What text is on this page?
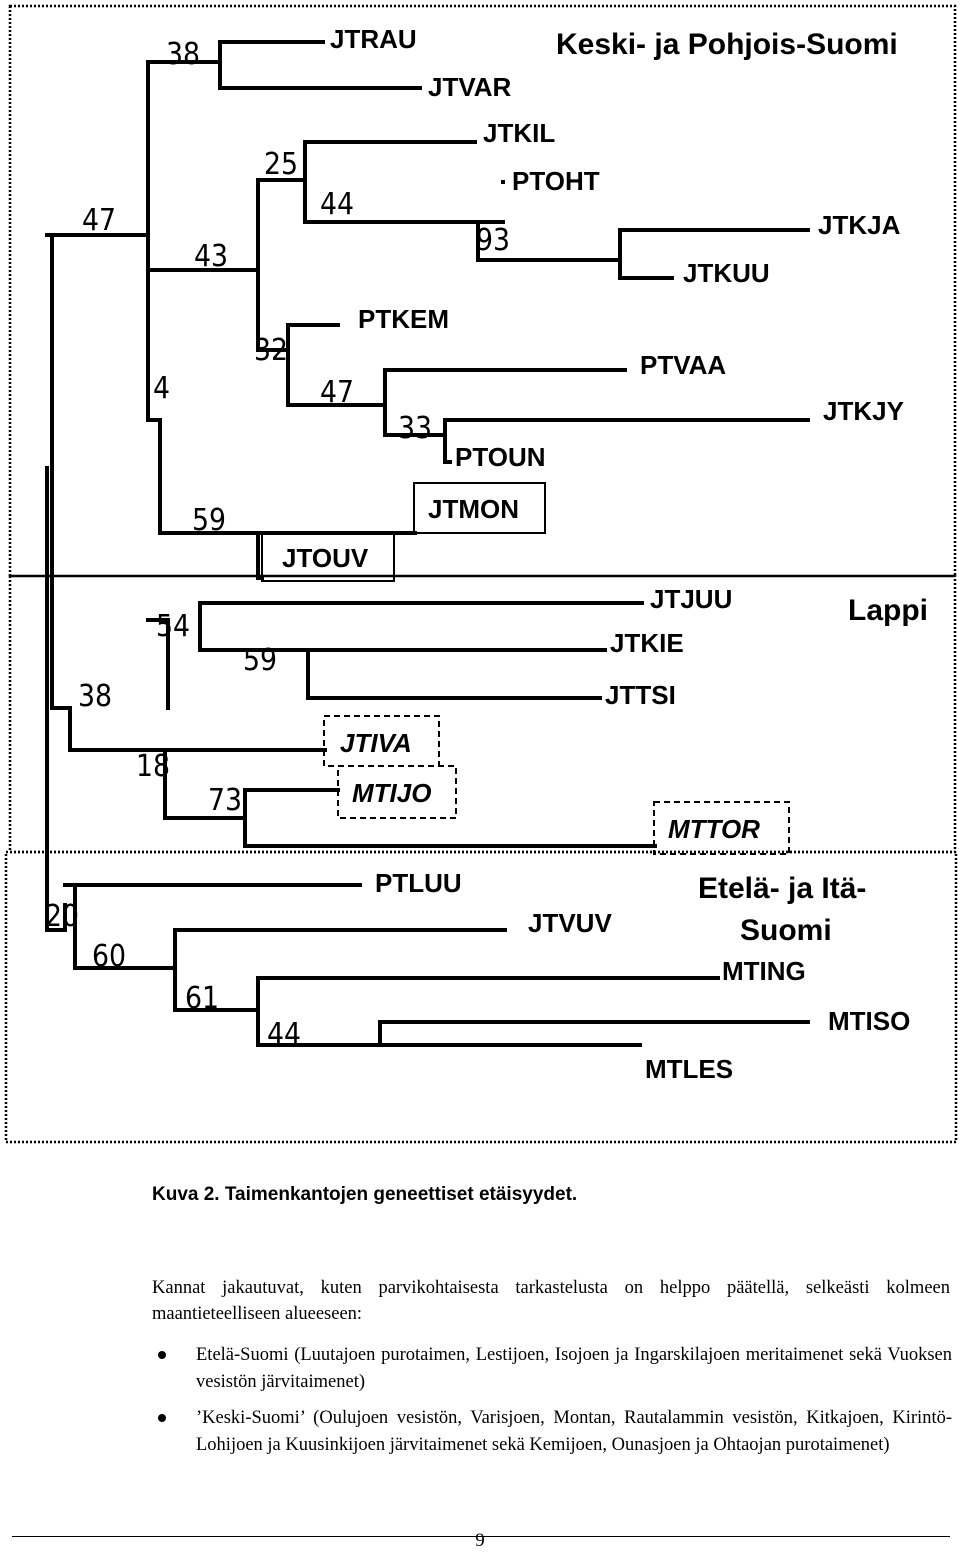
Keski- ja Pohjois-Suomi
Lappi
Etelä- ja Itä-
Suomi
JTRAU
JTVAR
JTKIL
PTOHT
JTKJA
JTKUU
PTKEM
PTVAA
JTKJY
PTOUN
JTMON
JTOUV
JTJUU
JTKIE
JTTSI
JTIVA
MTIJO
MTTOR
PTLUU
JTVUV
MTING
MTISO
MTLES
38
47
25
44
93
43
32
4	47
33
59
54
59
38
18
73
20
60
61
44
Kuva 2. Taimenkantojen geneettiset etäisyydet.
Kannat jakautuvat, kuten parvikohtaisesta tarkastelusta on helppo päätellä, selkeästi kolmeen maantieteelliseen alueeseen:
Etelä-Suomi (Luutajoen purotaimen, Lestijoen, Isojoen ja Ingarskilajoen meritaimenet sekä Vuoksen vesistön järvitaimenet)
’Keski-Suomi’ (Oulujoen vesistön, Varisjoen, Montan, Rautalammin vesistön, Kitkajoen, Kirintö-Lohijoen ja Kuusinkijoen järvitaimenet sekä Kemijoen, Ounasjoen ja Ohtaojan purotaimenet)
9
